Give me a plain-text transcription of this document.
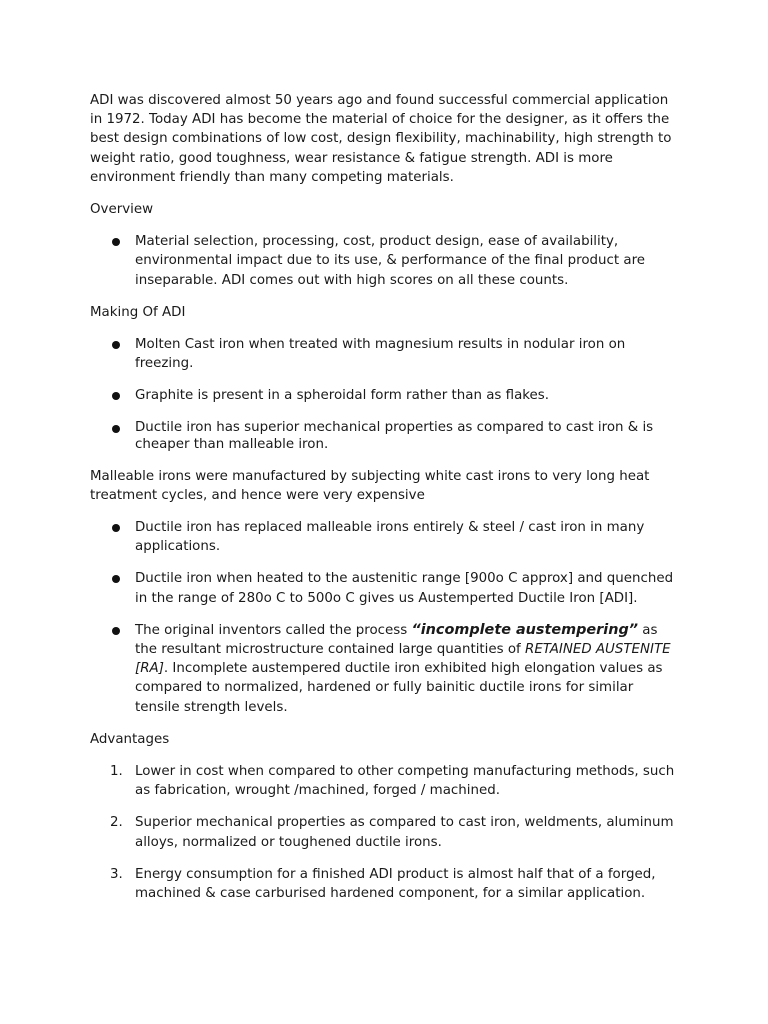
ADI was discovered almost 50 years ago and found successful commercial application in 1972. Today ADI has become the material of choice for the designer, as it offers the best design combinations of low cost, design flexibility, machinability, high strength to weight ratio, good toughness, wear resistance & fatigue strength. ADI is more environment friendly than many competing materials.

Overview

Material selection, processing, cost, product design, ease of availability, environmental impact due to its use, & performance of the final product are inseparable. ADI comes out with high scores on all these counts.

Making Of ADI

Molten Cast iron when treated with magnesium results in nodular iron on freezing.
Graphite is present in a spheroidal form rather than as flakes.
Ductile iron has superior mechanical properties as compared to cast iron & is cheaper than malleable iron.

Malleable irons were manufactured by subjecting white cast irons to very long heat treatment cycles, and hence were very expensive

Ductile iron has replaced malleable irons entirely & steel / cast iron in many applications.
Ductile iron when heated to the austenitic range [900o C approx] and quenched in the range of 280o C to 500o C gives us Austemperted Ductile Iron [ADI].
The original inventors called the process “incomplete austempering” as the resultant microstructure contained large quantities of RETAINED AUSTENITE [RA]. Incomplete austempered ductile iron exhibited high elongation values as compared to normalized, hardened or fully bainitic ductile irons for similar tensile strength levels.

Advantages

1. Lower in cost when compared to other competing manufacturing methods, such as fabrication, wrought /machined, forged / machined.
2. Superior mechanical properties as compared to cast iron, weldments, aluminum alloys, normalized or toughened ductile irons.
3. Energy consumption for a finished ADI product is almost half that of a forged, machined & case carburised hardened component, for a similar application.
